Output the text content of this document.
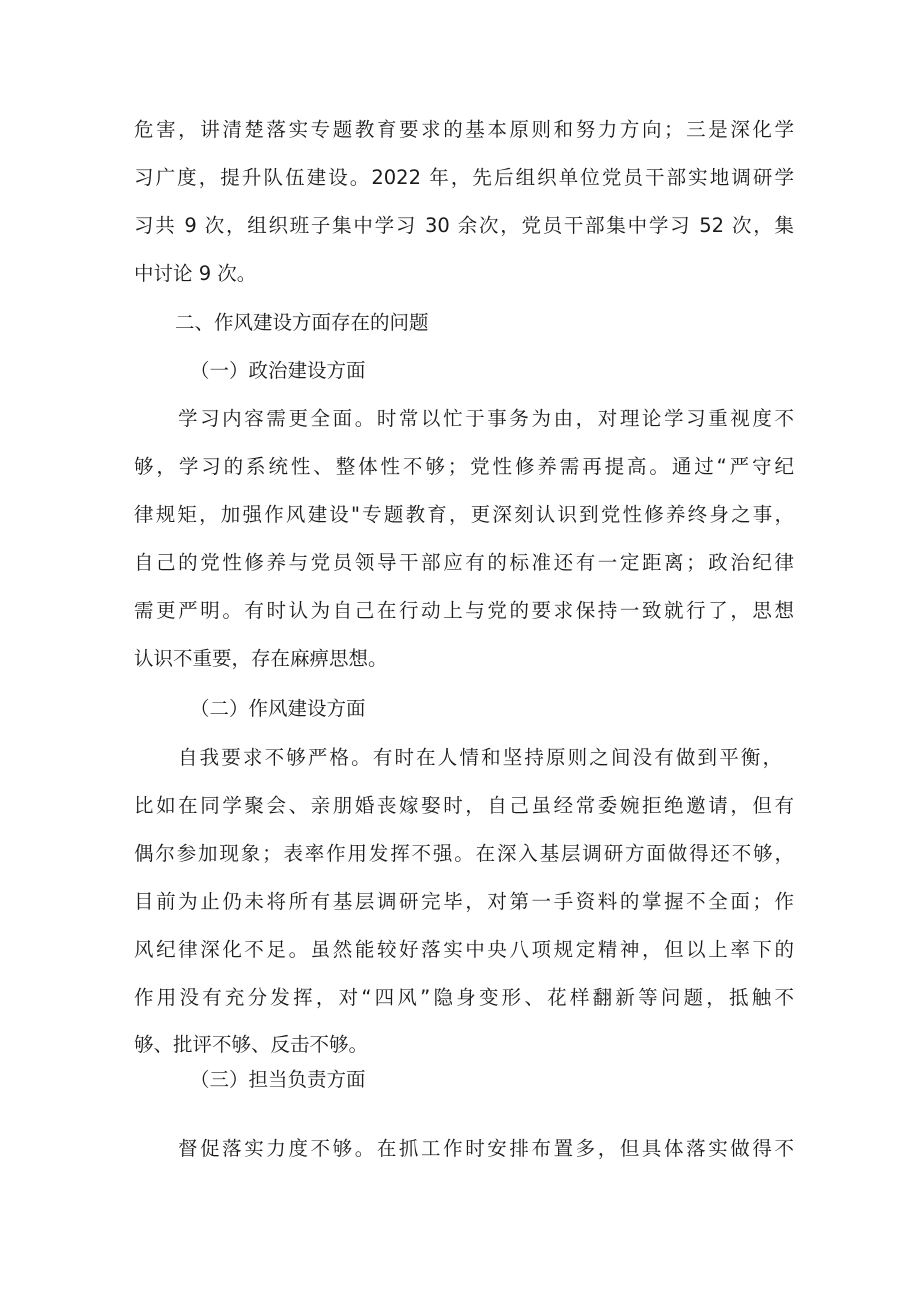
危害，讲清楚落实专题教育要求的基本原则和努力方向；三是深化学
习广度，提升队伍建设。2022 年，先后组织单位党员干部实地调研学
习共 9 次，组织班子集中学习 30 余次，党员干部集中学习 52 次，集
中讨论 9 次。
二、作风建设方面存在的问题
（一）政治建设方面
学习内容需更全面。时常以忙于事务为由，对理论学习重视度不
够，学习的系统性、整体性不够；党性修养需再提高。通过“严守纪
律规矩，加强作风建设"专题教育，更深刻认识到党性修养终身之事，
自己的党性修养与党员领导干部应有的标准还有一定距离；政治纪律
需更严明。有时认为自己在行动上与党的要求保持一致就行了，思想
认识不重要，存在麻痹思想。
（二）作风建设方面
自我要求不够严格。有时在人情和坚持原则之间没有做到平衡，
比如在同学聚会、亲朋婚丧嫁娶时，自己虽经常委婉拒绝邀请，但有
偶尔参加现象；表率作用发挥不强。在深入基层调研方面做得还不够，
目前为止仍未将所有基层调研完毕，对第一手资料的掌握不全面；作
风纪律深化不足。虽然能较好落实中央八项规定精神，但以上率下的
作用没有充分发挥，对“四风”隐身变形、花样翻新等问题，抵触不
够、批评不够、反击不够。
（三）担当负责方面
督促落实力度不够。在抓工作时安排布置多，但具体落实做得不
